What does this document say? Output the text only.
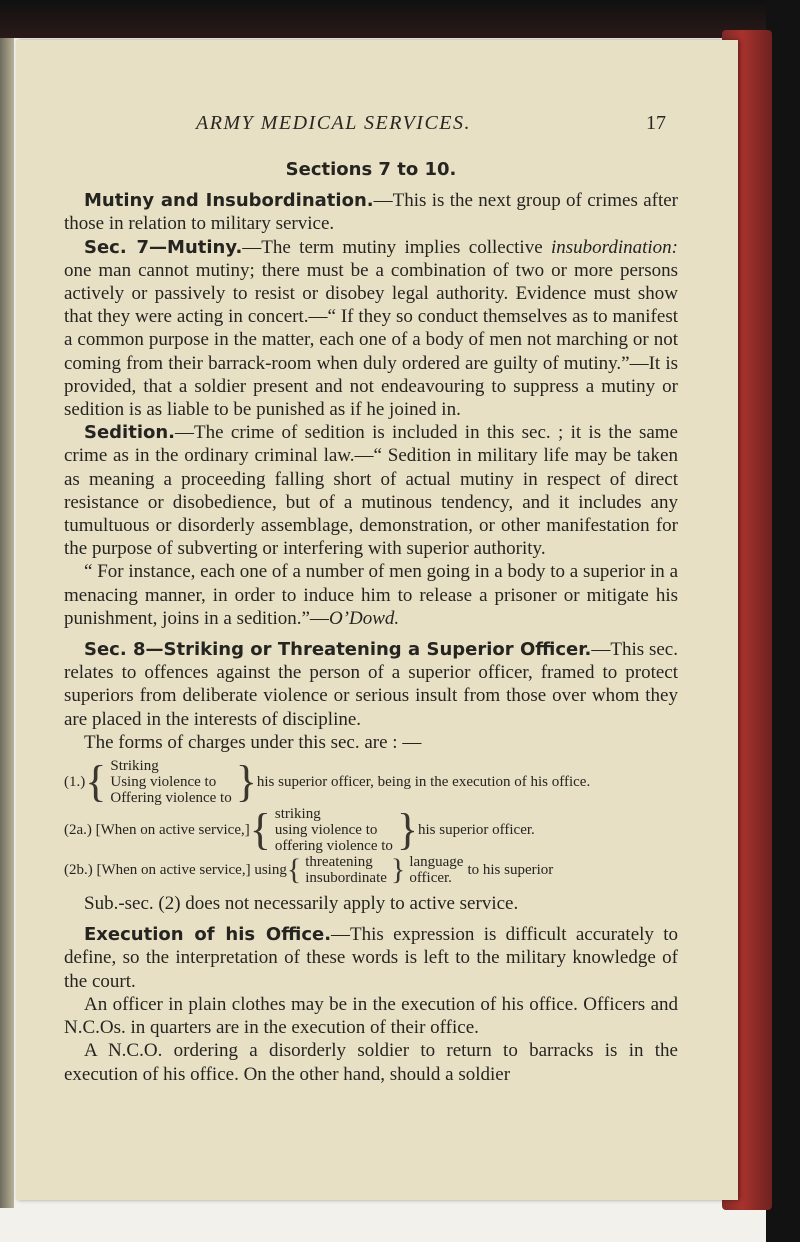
ARMY MEDICAL SERVICES.	17
Sections 7 to 10.

Mutiny and Insubordination.—This is the next group of crimes after those in relation to military service.

Sec. 7—Mutiny.—The term mutiny implies collective insubordination: one man cannot mutiny; there must be a combination of two or more persons actively or passively to resist or disobey legal authority. Evidence must show that they were acting in concert.—“ If they so conduct themselves as to manifest a common purpose in the matter, each one of a body of men not marching or not coming from their barrack-room when duly ordered are guilty of mutiny.”—It is provided, that a soldier present and not endeavouring to suppress a mutiny or sedition is as liable to be punished as if he joined in.

Sedition.—The crime of sedition is included in this sec. ; it is the same crime as in the ordinary criminal law.—“ Sedition in military life may be taken as meaning a proceeding falling short of actual mutiny in respect of direct resistance or disobedience, but of a mutinous tendency, and it includes any tumultuous or disorderly assemblage, demonstration, or other manifestation for the purpose of subverting or interfering with superior authority.

“ For instance, each one of a number of men going in a body to a superior in a menacing manner, in order to induce him to release a prisoner or mitigate his punishment, joins in a sedition.”—O’Dowd.

Sec. 8—Striking or Threatening a Superior Officer.—This sec. relates to offences against the person of a superior officer, framed to protect superiors from deliberate violence or serious insult from those over whom they are placed in the interests of discipline.

The forms of charges under this sec. are : —

(1.) { Striking
Using violence to
Offering violence to } his superior officer, being in the execution of his office.
(2a.) [When on active service,] { striking
using violence to
offering violence to } his superior officer.
(2b.) [When on active service,] using { threatening
insubordinate } language
officer.	to his superior

Sub.-sec. (2) does not necessarily apply to active service.

Execution of his Office.—This expression is difficult accurately to define, so the interpretation of these words is left to the military knowledge of the court.

An officer in plain clothes may be in the execution of his office. Officers and N.C.Os. in quarters are in the execution of their office.

A N.C.O. ordering a disorderly soldier to return to barracks is in the execution of his office. On the other hand, should a soldier
